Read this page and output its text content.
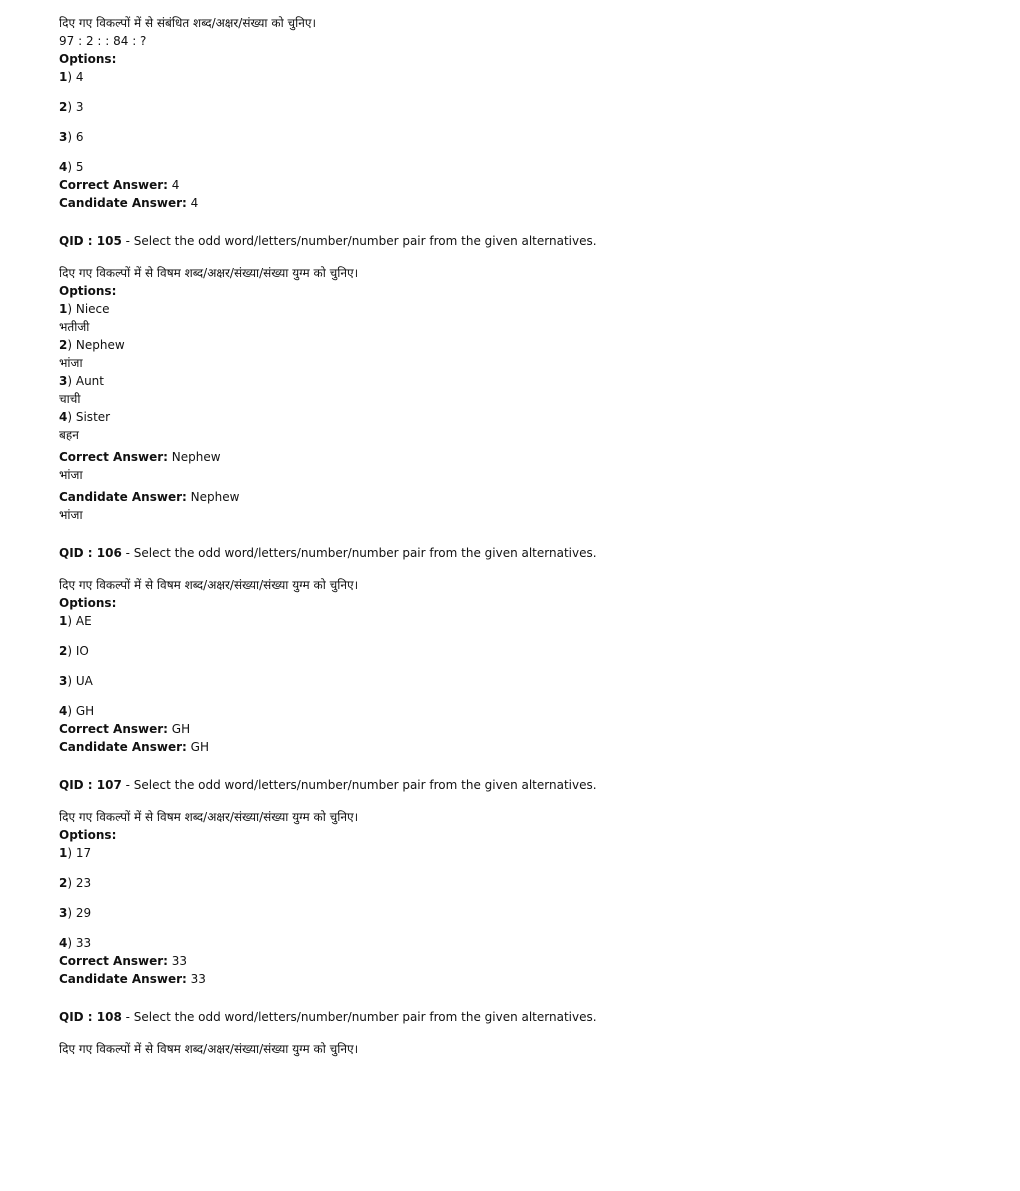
दिए गए विकल्पों में से संबंधित शब्द/अक्षर/संख्या को चुनिए।
97 : 2 : : 84 : ?
Options:
1) 4
2) 3
3) 6
4) 5
Correct Answer: 4
Candidate Answer: 4
QID : 105 - Select the odd word/letters/number/number pair from the given alternatives.
दिए गए विकल्पों में से विषम शब्द/अक्षर/संख्या/संख्या युग्म को चुनिए।
Options:
1) Niece
भतीजी
2) Nephew
भांजा
3) Aunt
चाची
4) Sister
बहन
Correct Answer: Nephew
भांजा
Candidate Answer: Nephew
भांजा
QID : 106 - Select the odd word/letters/number/number pair from the given alternatives.
दिए गए विकल्पों में से विषम शब्द/अक्षर/संख्या/संख्या युग्म को चुनिए।
Options:
1) AE
2) IO
3) UA
4) GH
Correct Answer: GH
Candidate Answer: GH
QID : 107 - Select the odd word/letters/number/number pair from the given alternatives.
दिए गए विकल्पों में से विषम शब्द/अक्षर/संख्या/संख्या युग्म को चुनिए।
Options:
1) 17
2) 23
3) 29
4) 33
Correct Answer: 33
Candidate Answer: 33
QID : 108 - Select the odd word/letters/number/number pair from the given alternatives.
दिए गए विकल्पों में से विषम शब्द/अक्षर/संख्या/संख्या युग्म को चुनिए।
